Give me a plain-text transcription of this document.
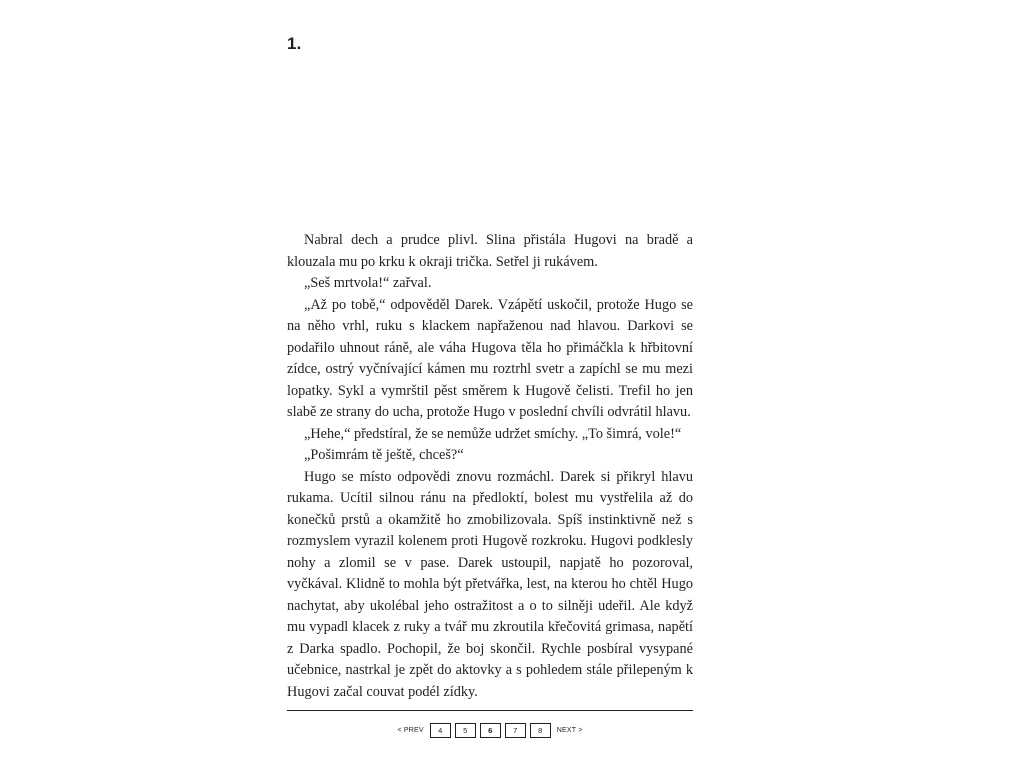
1.

Nabral dech a prudce plivl. Slina přistála Hugovi na bradě a klouzala mu po krku k okraji trička. Setřel ji rukávem.

„Seš mrtvola!“ zařval.

„Až po tobě,“ odpověděl Darek. Vzápětí uskočil, protože Hugo se na něho vrhl, ruku s klackem napřaženou nad hlavou. Darkovi se podařilo uhnout ráně, ale váha Hugova těla ho přimáčkla k hřbitovní zídce, ostrý vyčnívající kámen mu roztrhl svetr a zapíchl se mu mezi lopatky. Sykl a vymrštil pěst směrem k Hugově čelisti. Trefil ho jen slabě ze strany do ucha, protože Hugo v poslední chvíli odvrátil hlavu.

„Hehe,“ předstíral, že se nemůže udržet smíchy. „To šimrá, vole!“

„Pošimrám tě ještě, chceš?“

Hugo se místo odpovědi znovu rozmáchl. Darek si přikryl hlavu rukama. Ucítil silnou ránu na předloktí, bolest mu vystřelila až do konečků prstů a okamžitě ho zmobilizovala. Spíš instinktivně než s rozmyslem vyrazil kolenem proti Hugově rozkroku. Hugovi podklesly nohy a zlomil se v pase. Darek ustoupil, napjatě ho pozoroval, vyčkával. Klidně to mohla být přetvářka, lest, na kterou ho chtěl Hugo nachytat, aby ukolébal jeho ostražitost a o to silněji udeřil. Ale když mu vypadl klacek z ruky a tvář mu zkroutila křečovitá grimasa, napětí z Darka spadlo. Pochopil, že boj skončil. Rychle posbíral vysypané učebnice, nastrkal je zpět do aktovky a s pohledem stále přilepeným k Hugovi začal couvat podél zídky.

< PREV	4	5	6	7	8	NEXT >
